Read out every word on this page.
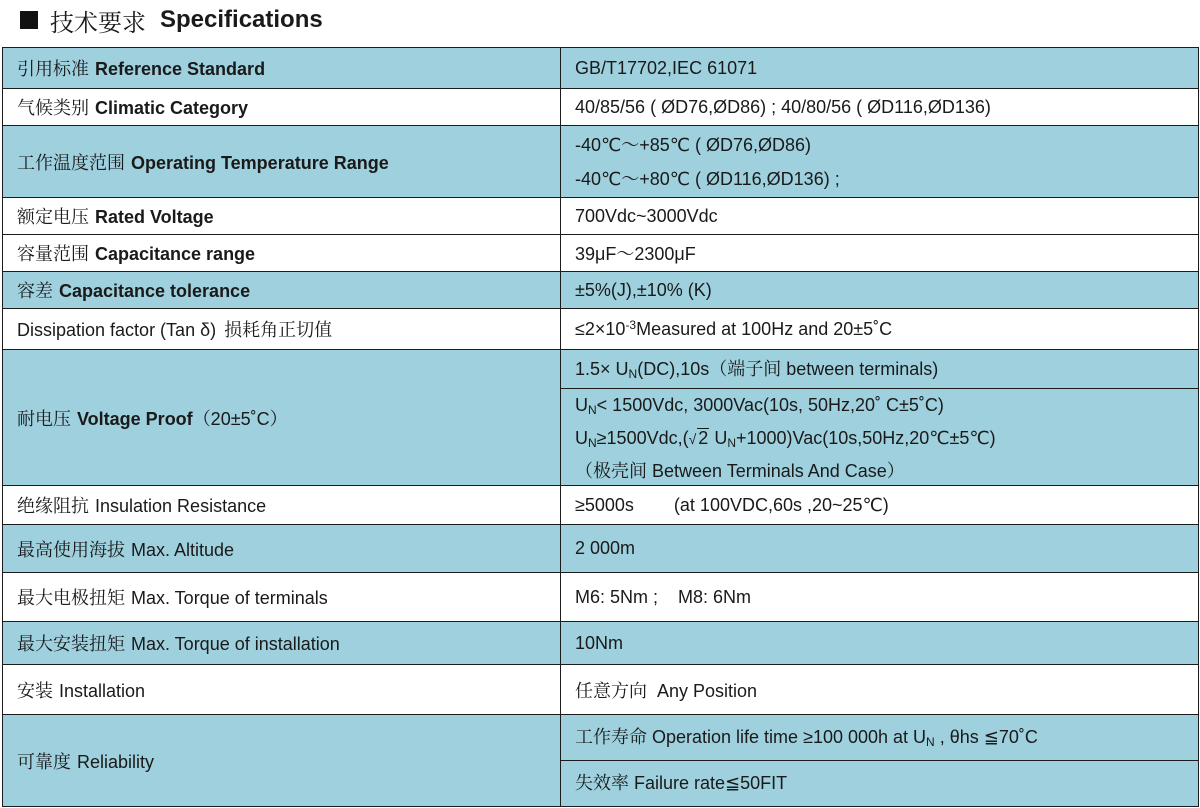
技术要求 Specifications
引用标准 Reference Standard	GB/T17702,IEC 61071
气候类别 Climatic Category	40/85/56 ( ØD76,ØD86) ; 40/80/56 ( ØD116,ØD136)
工作温度范围 Operating Temperature Range	-40℃～+85℃ ( ØD76,ØD86)
-40℃～+80℃ ( ØD116,ØD136) ;

额定电压 Rated Voltage	700Vdc~3000Vdc
容量范围 Capacitance range	39μF～2300μF
容差 Capacitance tolerance	±5%(J),±10% (K)
Dissipation factor (Tan δ) 损耗角正切值	$\le 2\times 10^{-3}Measured$ at 100Hz and 20±5˚C
耐电压 Voltage Proof（20±5˚C）	$1.5\times U_N(DC),10s$（端子间 between terminals)
$U_N< 1500Vdc$, 3000Vac(10s, 50Hz,20˚ C±5˚C)
$U_N\ge 1500Vdc,(√$ 2 $U_N+1000)Vac(10s,50Hz,20℃\pm 5℃)$
（极壳间 Between Terminals And Case）

绝缘阻抗 Insulation Resistance	≥5000s        (at 100VDC,60s ,20~25℃)
最高使用海拔 Max. Altitude	2 000m
最大电极扭矩 Max. Torque of terminals	M6: 5Nm ;    M8: 6Nm
最大安装扭矩 Max. Torque of installation	10Nm
安装 Installation	任意方向  Any Position
可靠度 Reliability	工作寿命 Operation life time ≥100 000h at $U_N$ , θhs ≦70˚C
失效率 Failure rate≦50FIT
